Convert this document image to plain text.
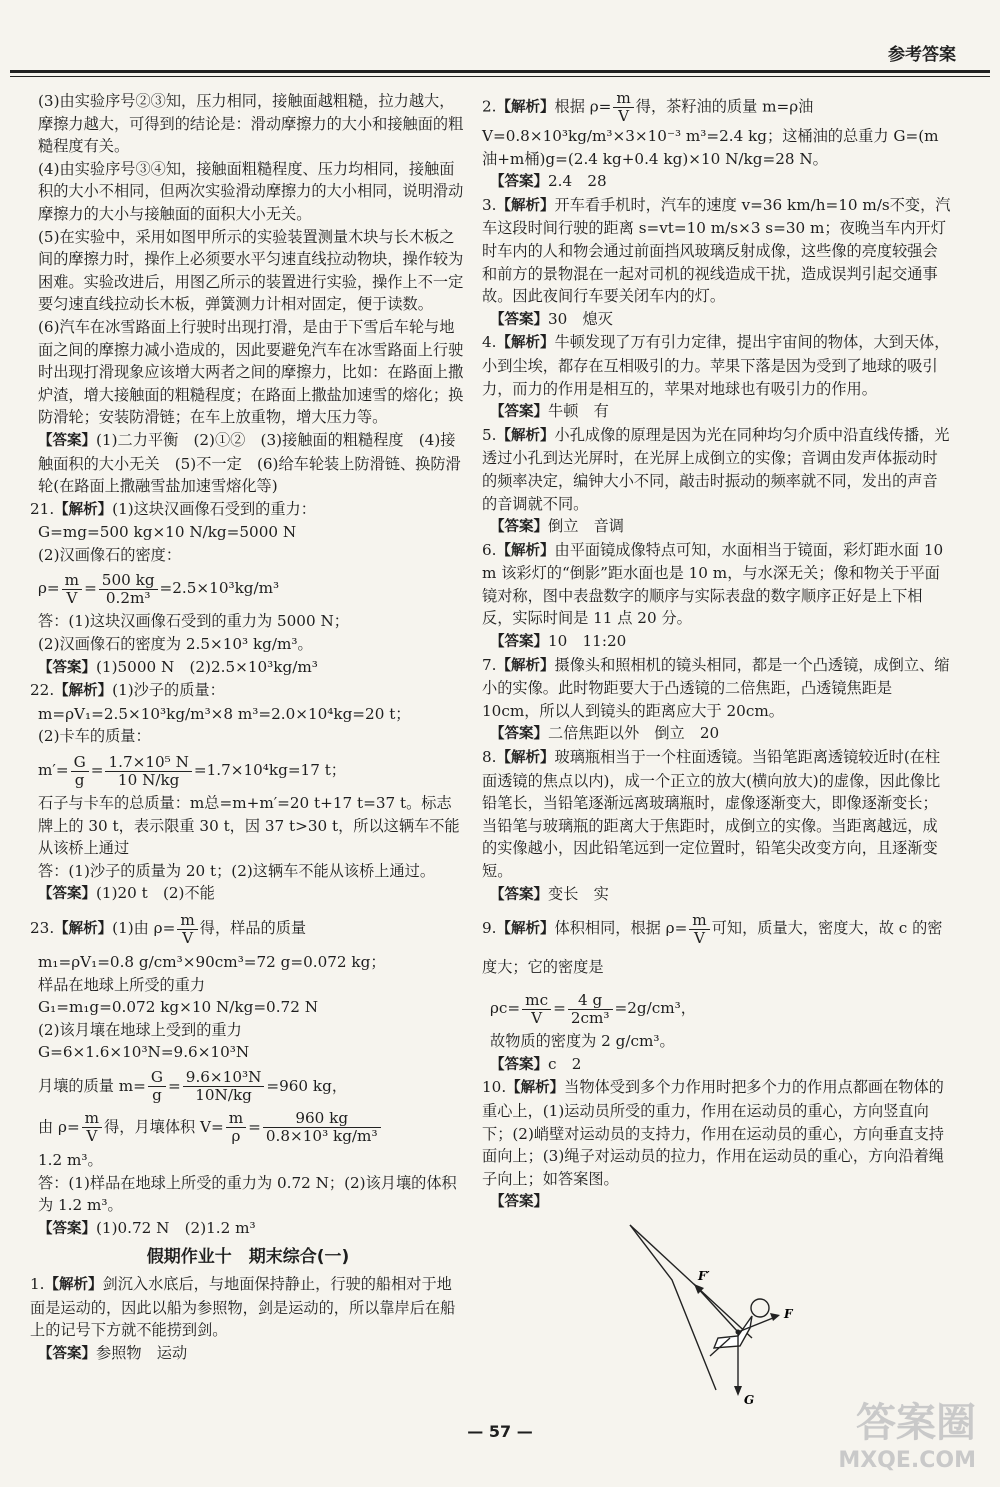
参考答案

(3)由实验序号②③知，压力相同，接触面越粗糙，拉力越大，摩擦力越大，可得到的结论是：滑动摩擦力的大小和接触面的粗糙程度有关。

(4)由实验序号③④知，接触面粗糙程度、压力均相同，接触面积的大小不相同，但两次实验滑动摩擦力的大小相同，说明滑动摩擦力的大小与接触面的面积大小无关。

(5)在实验中，采用如图甲所示的实验装置测量木块与长木板之间的摩擦力时，操作上必须要水平匀速直线拉动物块，操作较为困难。实验改进后，用图乙所示的装置进行实验，操作上不一定要匀速直线拉动长木板，弹簧测力计相对固定，便于读数。

(6)汽车在冰雪路面上行驶时出现打滑，是由于下雪后车轮与地面之间的摩擦力减小造成的，因此要避免汽车在冰雪路面上行驶时出现打滑现象应该增大两者之间的摩擦力，比如：在路面上撒炉渣，增大接触面的粗糙程度；在路面上撒盐加速雪的熔化；换防滑轮；安装防滑链；在车上放重物，增大压力等。

【答案】(1)二力平衡　(2)①②　(3)接触面的粗糙程度　(4)接触面积的大小无关　(5)不一定　(6)给车轮装上防滑链、换防滑轮(在路面上撒融雪盐加速雪熔化等)

21.【解析】(1)这块汉画像石受到的重力：

G=mg=500 kg×10 N/kg=5000 N

(2)汉画像石的密度：

$\rho= \frac{m}{V} = \frac{500 kg}{\text{0.2m³}} =2.5\times 10^3kg/m^3$

答：(1)这块汉画像石受到的重力为 5000 N；

(2)汉画像石的密度为 2.5×10³ kg/m³。

【答案】(1)5000 N　(2)2.5×10³kg/m³

22.【解析】(1)沙子的质量：

m=ρV₁=2.5×10³kg/m³×8 m³=2.0×10⁴kg=20 t；

(2)卡车的质量：

$m'= \frac{G}{g} = \frac{\text{1.7×10⁵ N}}{10 N/kg} =1.7\times 10^4kg=17$ t；

石子与卡车的总质量：m总=m+m′=20 t+17 t=37 t。标志牌上的 30 t，表示限重 30 t，因 37 t>30 t，所以这辆车不能从该桥上通过

答：(1)沙子的质量为 20 t；(2)这辆车不能从该桥上通过。

【答案】(1)20 t　(2)不能

23.【解析】(1)由 $\rho= \frac{m}{V}$ 得，样品的质量

m₁=ρV₁=0.8 g/cm³×90cm³=72 g=0.072 kg；

样品在地球上所受的重力

G₁=m₁g=0.072 kg×10 N/kg=0.72 N

(2)该月壤在地球上受到的重力

G=6×1.6×10³N=9.6×10³N

月壤的质量 $m= \frac{G}{g} = \frac{\text{9.6×10³N}}{10N/kg} =960$ kg，

由 $\rho= \frac{m}{V}$ 得，月壤体积 $V= \frac{m}{\rho} = \frac{960 kg}{\text{0.8×10³ kg/m³}}$

1.2 m³。

答：(1)样品在地球上所受的重力为 0.72 N；(2)该月壤的体积为 1.2 m³。

【答案】(1)0.72 N　(2)1.2 m³

假期作业十　期末综合(一)

1.【解析】剑沉入水底后，与地面保持静止，行驶的船相对于地面是运动的，因此以船为参照物，剑是运动的，所以靠岸后在船上的记号下方就不能捞到剑。

【答案】参照物　运动

2.【解析】根据 $\rho= \frac{m}{V}$ 得，茶籽油的质量 m=ρ油V=0.8×10³kg/m³×3×10⁻³ m³=2.4 kg；这桶油的总重力 G=(m油+m桶)g=(2.4 kg+0.4 kg)×10 N/kg=28 N。

【答案】2.4　28

3.【解析】开车看手机时，汽车的速度 v=36 km/h=10 m/s不变，汽车这段时间行驶的距离 s=vt=10 m/s×3 s=30 m；夜晚当车内开灯时车内的人和物会通过前面挡风玻璃反射成像，这些像的亮度较强会和前方的景物混在一起对司机的视线造成干扰，造成误判引起交通事故。因此夜间行车要关闭车内的灯。

【答案】30　熄灭

4.【解析】牛顿发现了万有引力定律，提出宇宙间的物体，大到天体，小到尘埃，都存在互相吸引的力。苹果下落是因为受到了地球的吸引力，而力的作用是相互的，苹果对地球也有吸引力的作用。

【答案】牛顿　有

5.【解析】小孔成像的原理是因为光在同种均匀介质中沿直线传播，光透过小孔到达光屏时，在光屏上成倒立的实像；音调由发声体振动时的频率决定，编钟大小不同，敲击时振动的频率就不同，发出的声音的音调就不同。

【答案】倒立　音调

6.【解析】由平面镜成像特点可知，水面相当于镜面，彩灯距水面 10 m 该彩灯的“倒影”距水面也是 10 m，与水深无关；像和物关于平面镜对称，图中表盘数字的顺序与实际表盘的数字顺序正好是上下相反，实际时间是 11 点 20 分。

【答案】10　11:20

7.【解析】摄像头和照相机的镜头相同，都是一个凸透镜，成倒立、缩小的实像。此时物距要大于凸透镜的二倍焦距，凸透镜焦距是 10cm，所以人到镜头的距离应大于 20cm。

【答案】二倍焦距以外　倒立　20

8.【解析】玻璃瓶相当于一个柱面透镜。当铅笔距离透镜较近时(在柱面透镜的焦点以内)，成一个正立的放大(横向放大)的虚像，因此像比铅笔长，当铅笔逐渐远离玻璃瓶时，虚像逐渐变大，即像逐渐变长；当铅笔与玻璃瓶的距离大于焦距时，成倒立的实像。当距离越远，成的实像越小，因此铅笔远到一定位置时，铅笔尖改变方向，且逐渐变短。

【答案】变长　实

9.【解析】体积相同，根据 $\rho= \frac{m}{V}$ 可知，质量大，密度大，故 c 的密度大；它的密度是

$\rho c= \frac{mc}{V} = \frac{4 g}{\text{2cm³}} =2g/cm^3$，

故物质的密度为 2 g/cm³。

【答案】c　2

10.【解析】当物体受到多个力作用时把多个力的作用点都画在物体的重心上，(1)运动员所受的重力，作用在运动员的重心，方向竖直向下；(2)峭壁对运动员的支持力，作用在运动员的重心，方向垂直支持面向上；(3)绳子对运动员的拉力，作用在运动员的重心，方向沿着绳子向上；如答案图。

【答案】

F′
F
G
— 57 —	答案圈
MXQE.COM
